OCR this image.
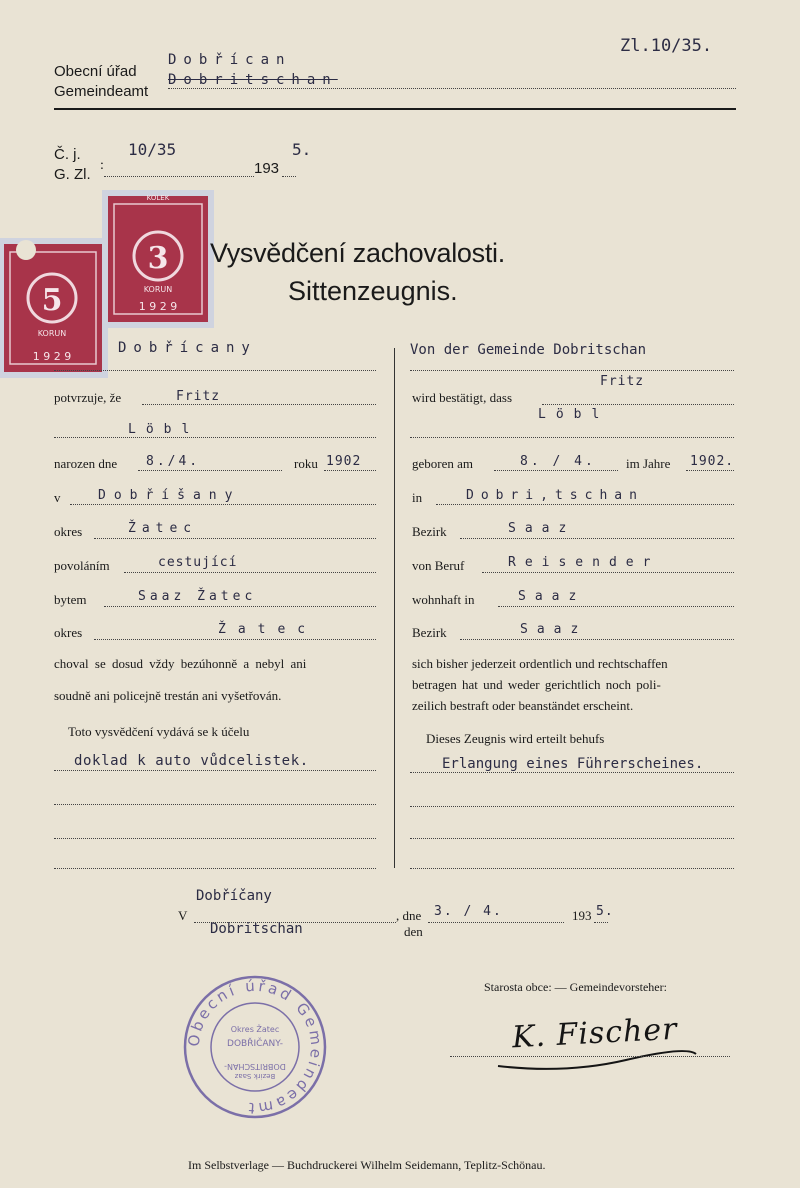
Zl.10/35.
Obecní úřad
Gemeindeamt
Dobřícan
Dobritschan
Č. j.
G. Zl.
:
10/35
193
5.
KOLEK
3
KORUN
1 9 2 9
5
KORUN
1 9 2 9
Vysvědčení zachovalosti.
Sittenzeugnis.
Dobřícany
potvrzuje, že	Fritz
Löbl
narozen dne 8./4.	roku 1902
v	Dobříšany
okres	Žatec
povoláním	cestující
bytem	Saaz Žatec
okres	Žatec
choval se dosud vždy bezúhonně a nebyl ani
soudně ani policejně trestán ani vyšetřován.
Toto vysvědčení vydává se k účelu
doklad k auto vůdcelistek.
Von der Gemeinde Dobritschan
Fritz
wird bestätigt, dass
Löbl
geboren am	8. / 4. im Jahre 1902.
in	Dobri,tschan
Bezirk	Saaz
von Beruf	Reisender
wohnhaft in	Saaz
Bezirk	Saaz
sich bisher jederzeit ordentlich und rechtschaffen
betragen hat und weder gerichtlich noch poli-
zeilich bestraft oder beanständet erscheint.
Dieses Zeugnis wird erteilt behufs
Erlangung eines Führerscheines.
Dobříčany
V
Dobritschan
, dne
den
3. / 4.	193 5.
Starosta obce: — Gemeindevorsteher:
K. Fischer
Obecní úřad Gemeindeamt
Okres Žatec
DOBŘIČANY-
DOBRITSCHAN-
Bezirk Saaz
Im Selbstverlage — Buchdruckerei Wilhelm Seidemann, Teplitz-Schönau.
